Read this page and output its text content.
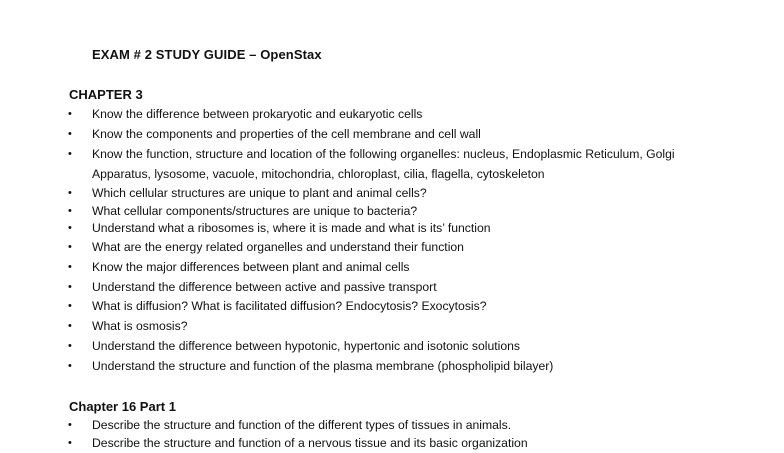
EXAM # 2 STUDY GUIDE – OpenStax
CHAPTER 3
• Know the difference between prokaryotic and eukaryotic cells
• Know the components and properties of the cell membrane and cell wall
• Know the function, structure and location of the following organelles: nucleus, Endoplasmic Reticulum, Golgi
Apparatus, lysosome, vacuole, mitochondria, chloroplast, cilia, flagella, cytoskeleton
• Which cellular structures are unique to plant and animal cells?
• What cellular components/structures are unique to bacteria?
• Understand what a ribosomes is, where it is made and what is its’ function
• What are the energy related organelles and understand their function
• Know the major differences between plant and animal cells
• Understand the difference between active and passive transport
• What is diffusion? What is facilitated diffusion? Endocytosis? Exocytosis?
• What is osmosis?
• Understand the difference between hypotonic, hypertonic and isotonic solutions
• Understand the structure and function of the plasma membrane (phospholipid bilayer)
Chapter 16 Part 1
• Describe the structure and function of the different types of tissues in animals.
• Describe the structure and function of a nervous tissue and its basic organization
